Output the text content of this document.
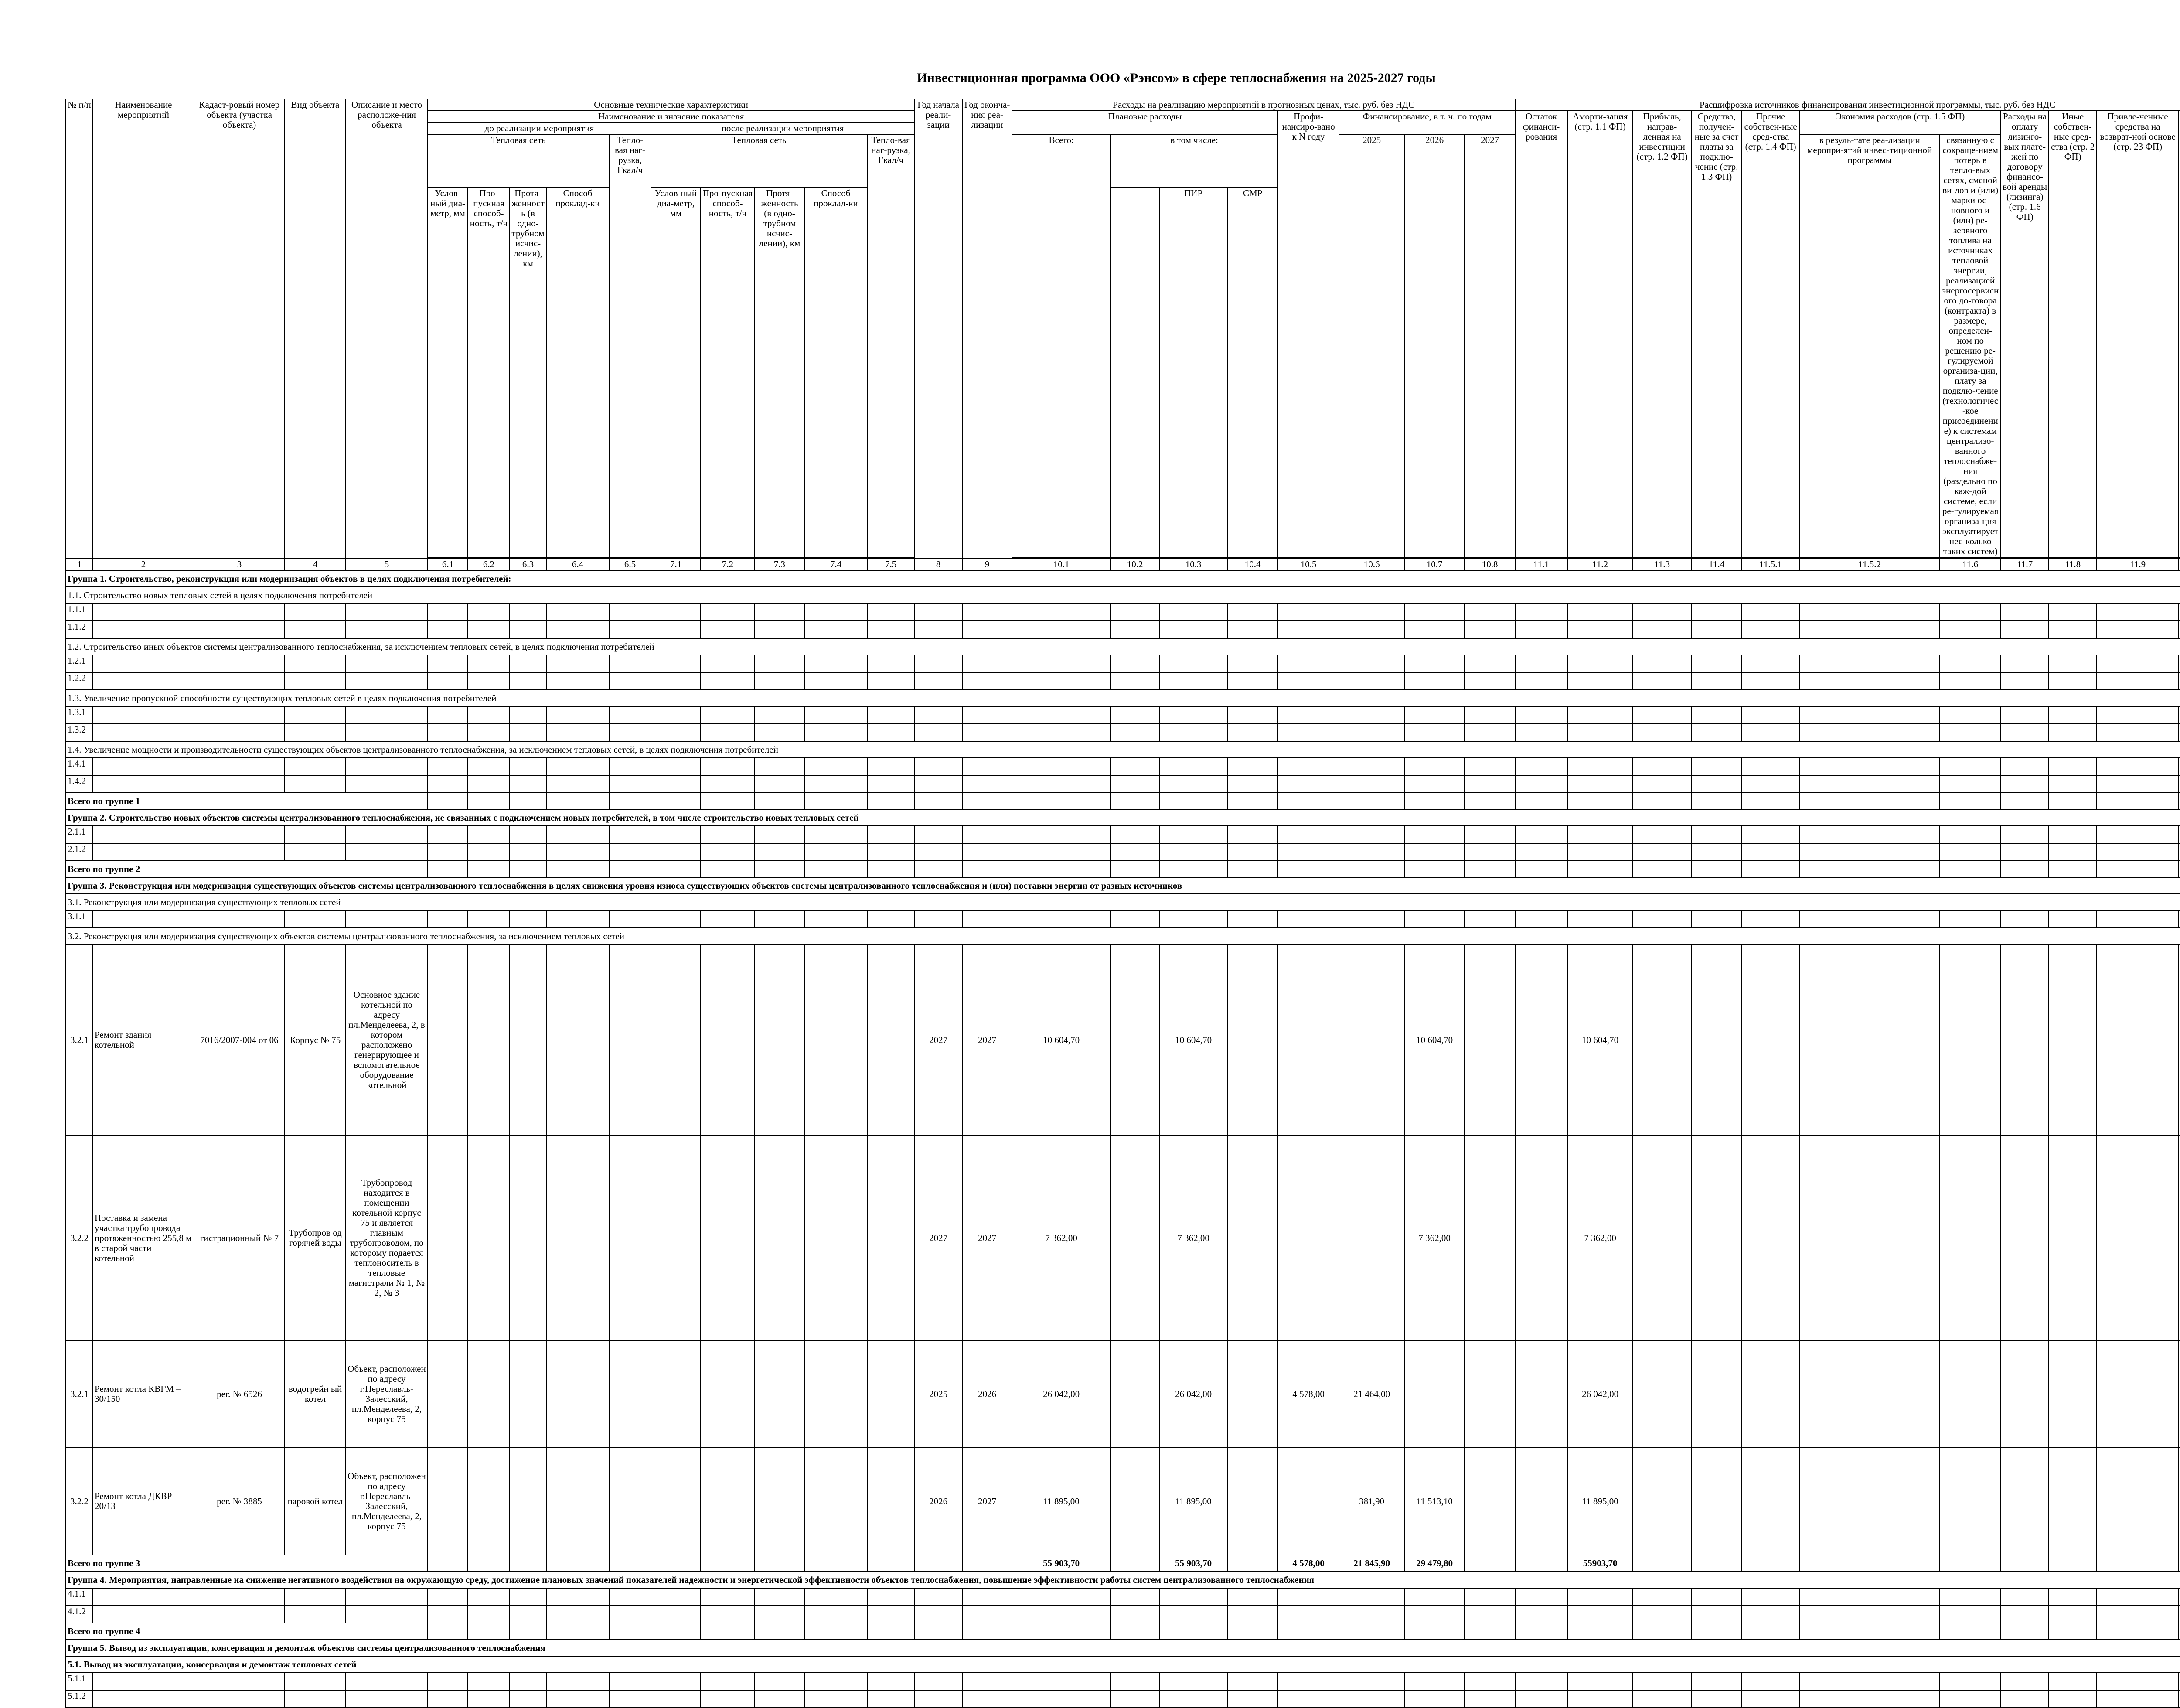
Инвестиционная программа ООО «Рэнсом» в сфере теплоснабжения на 2025-2027 годы
№ п/п	Наименование мероприятий	Кадаст-ровый номер объекта (участка объекта)	Вид объекта	Описание и место расположе-ния объекта	Основные технические характеристики										Год начала реали-зации	Год оконча-ния реа-лизации	Расходы на реализацию мероприятий в прогнозных ценах, тыс. руб. без НДС								Расшифровка источников финансирования инвестиционной программы, тыс. руб. без НДС											
					Наименование и значение показателя												Плановые расходы				Профи-нансиро-вано к N году	Финансирование, в т. ч. по годам			Остаток финанси-рования	Аморти-зация (стр. 1.1 ФП)	Прибыль, направ-ленная на инвестиции (стр. 1.2 ФП)	Средства, получен-ные за счет платы за подклю-чение (стр. 1.3 ФП)	Прочие собствен-ные сред-ства (стр. 1.4 ФП)	Экономия расходов (стр. 1.5 ФП)		Расходы на оплату лизинго-вых плате-жей по договору финансо-вой аренды (лизинга) (стр. 1.6 ФП)	Иные собствен-ные сред-ства (стр. 2 ФП)	Привле-ченные средства на возврат-ной основе (стр. 23 ФП)		
					до реализации мероприятия					после реализации мероприятия																										
					Тепловая сеть				Тепло-вая наг-рузка, Гкал/ч	Тепловая сеть				Тепло-вая наг-рузка, Гкал/ч			Всего:	в том числе:				2025	2026	2027						в резуль-тате реа-лизации меропри-ятий инвес-тиционной программы	связанную с сокраще-нием потерь в тепло-вых сетях, сменой ви-дов и (или) марки ос-новного и (или) ре-зервного топлива на источниках тепловой энергии, реализацией энергосервисного до-говора (контракта) в размере, определен-ном по решению ре-гулируемой организа-ции, плату за подклю-чение (технологичес-кое присоединение) к системам централизо-ванного теплоснабже-ния (раздельно по каж-дой системе, если ре-гулируемая организа-ция эксплуатирует нес-колько таких систем)					
					Услов-ный диа-метр, мм	Про-пускная способ-ность, т/ч	Протя-женность (в одно-трубном исчис-лении), км	Способ проклад-ки		Услов-ный диа-метр, мм	Про-пускная способ-ность, т/ч	Протя-женность (в одно-трубном исчис-лении), км	Способ проклад-ки						ПИР	СМР																

1	2	3	4	5	6.1	6.2	6.3	6.4	6.5	7.1	7.2	7.3	7.4	7.5	8	9	10.1	10.2	10.3	10.4	10.5	10.6	10.7	10.8	11.1	11.2	11.3	11.4	11.5.1	11.5.2	11.6	11.7	11.8	11.9	
Группа 1. Строительство, реконструкция или модернизация объектов в целях подключения потребителей:																																				
1.1. Строительство новых тепловых сетей в целях подключения потребителей																																				
1.1.1																																				
1.1.2																																				
1.2. Строительство иных объектов системы централизованного теплоснабжения, за исключением тепловых сетей, в целях подключения потребителей																																				
1.2.1																																				
1.2.2																																				
1.3. Увеличение пропускной способности существующих тепловых сетей в целях подключения потребителей																																				
1.3.1																																				
1.3.2																																				
1.4. Увеличение мощности и производительности существующих объектов централизованного теплоснабжения, за исключением тепловых сетей, в целях подключения потребителей																																				
1.4.1																																				
1.4.2																																				
Всего по группе 1																																				
Группа 2. Строительство новых объектов системы централизованного теплоснабжения, не связанных с подключением новых потребителей, в том числе строительство новых тепловых сетей																																				
2.1.1																																				
2.1.2																																				
Всего по группе 2																																				
Группа 3. Реконструкция или модернизация существующих объектов системы централизованного теплоснабжения в целях снижения уровня износа существующих объектов системы централизованного теплоснабжения и (или) поставки энергии от разных источников																																				
3.1. Реконструкция или модернизация существующих тепловых сетей																																				
3.1.1																																				
3.2. Реконструкция или модернизация существующих объектов системы централизованного теплоснабжения, за исключением тепловых сетей																																				
3.2.1	Ремонт здания котельной	7016/2007-004 от 06	Корпус № 75	Основное здание котельной по адресу пл.Менделеева, 2, в котором расположено генерирующее и вспомогательное оборудование котельной											2027	2027	10 604,70		10 604,70				10 604,70			10 604,70										
3.2.2	Поставка и замена участка трубопровода протяженностью 255,8 м в старой части котельной	гистрационный № 7	Трубопров од горячей воды	Трубопровод находится в помещении котельной корпус 75 и является главным трубопроводом, по которому подается теплоноситель в тепловые магистрали № 1, № 2, № 3											2027	2027	7 362,00		7 362,00				7 362,00			7 362,00										
3.2.1	Ремонт котла КВГМ – 30/150	рег. № 6526	водогрейн ый котел	Объект, расположен по адресу г.Переславль-Залесский, пл.Менделеева, 2, корпус 75											2025	2026	26 042,00		26 042,00		4 578,00	21 464,00				26 042,00										
3.2.2	Ремонт котла ДКВР – 20/13	рег. № 3885	паровой котел	Объект, расположен по адресу г.Переславль-Залесский, пл.Менделеева, 2, корпус 75											2026	2027	11 895,00		11 895,00			381,90	11 513,10			11 895,00										
Всего по группе 3																	55 903,70		55 903,70		4 578,00	21 845,90	29 479,80			55903,70										
Группа 4. Мероприятия, направленные на снижение негативного воздействия на окружающую среду, достижение плановых значений показателей надежности и энергетической эффективности объектов теплоснабжения, повышение эффективности работы систем централизованного теплоснабжения																																				
4.1.1																																				
4.1.2																																				
Всего по группе 4																																				
Группа 5. Вывод из эксплуатации, консервация и демонтаж объектов системы централизованного теплоснабжения																																				
5.1. Вывод из эксплуатации, консервация и демонтаж тепловых сетей																																				
5.1.1																																				
5.1.2																																				
